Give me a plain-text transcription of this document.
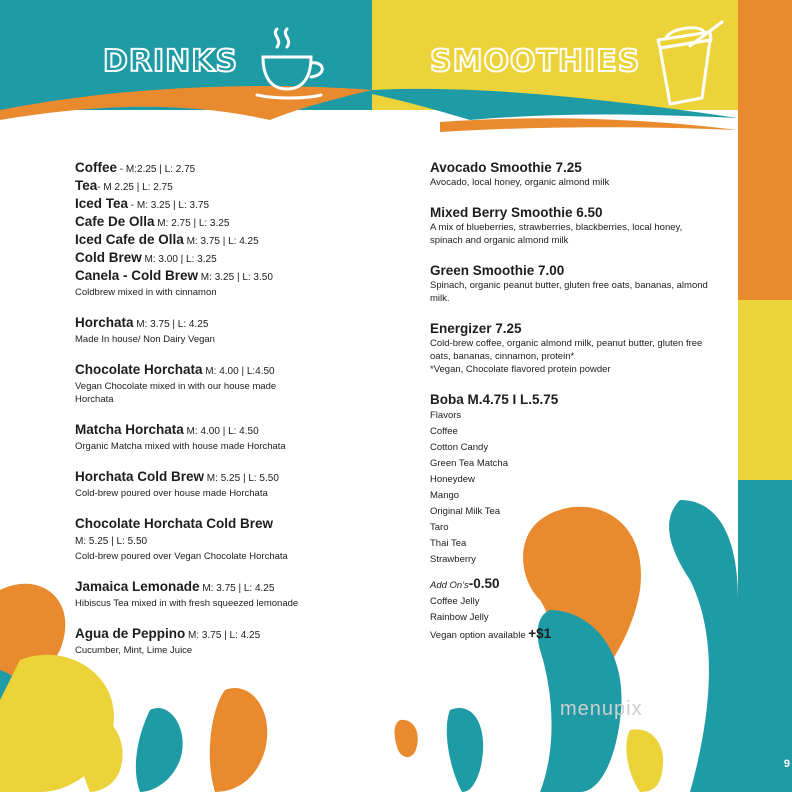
DRINKS	SMOOTHIES
Coffee - M:2.25 | L: 2.75
Tea- M 2.25 | L: 2.75
Iced Tea - M: 3.25 | L: 3.75
Cafe De Olla M: 2.75 | L: 3.25
Iced Cafe de Olla M: 3.75 | L: 4.25
Cold Brew M: 3.00 | L: 3.25
Canela - Cold Brew M: 3.25 | L: 3.50
Coldbrew mixed in with cinnamon
Horchata M: 3.75 | L: 4.25
Made In house/ Non Dairy Vegan
Chocolate Horchata M: 4.00 | L:4.50
Vegan Chocolate mixed in with our house made Horchata
Matcha Horchata M: 4.00 | L: 4.50
Organic Matcha mixed with house made Horchata
Horchata Cold Brew M: 5.25 | L: 5.50
Cold-brew poured over house made Horchata
Chocolate Horchata Cold Brew
M: 5.25 | L: 5.50
Cold-brew poured over Vegan Chocolate Horchata
Jamaica Lemonade M: 3.75 | L: 4.25
Hibiscus Tea mixed in with fresh squeezed lemonade
Agua de Peppino M: 3.75 | L: 4.25
Cucumber, Mint, Lime Juice
Avocado Smoothie 7.25
Avocado, local honey, organic almond milk
Mixed Berry Smoothie 6.50
A mix of blueberries, strawberries, blackberries, local honey, spinach and organic almond milk
Green Smoothie 7.00
Spinach, organic peanut butter, gluten free oats, bananas, almond milk.
Energizer 7.25
Cold-brew coffee, organic almond milk, peanut butter, gluten free oats, bananas, cinnamon, protein*
*Vegan, Chocolate flavored protein powder
Boba M.4.75 I L.5.75
Flavors
Coffee
Cotton Candy
Green Tea Matcha
Honeydew
Mango
Original Milk Tea
Taro
Thai Tea
Strawberry
Add On's-0.50
Coffee Jelly
Rainbow Jelly
Vegan option available +$1
menupix
9
